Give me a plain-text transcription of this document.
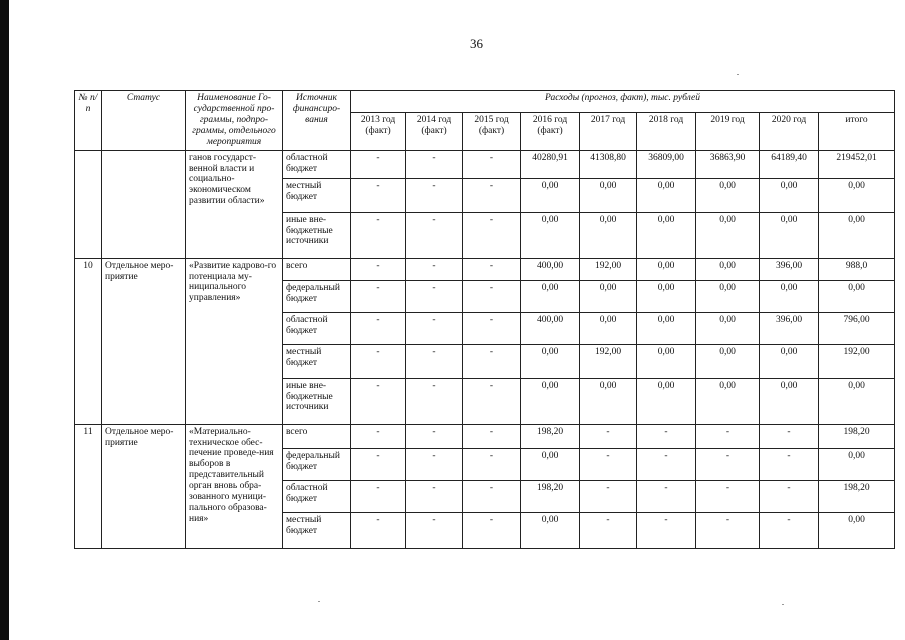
36
№ п/п	Статус	Наименование Го-сударственной про-граммы, подпро-граммы, отдельного мероприятия	Источник финансиро-вания	Расходы (прогноз, факт), тыс. рублей								
				2013 год (факт)	2014 год (факт)	2015 год (факт)	2016 год (факт)	2017 год	2018 год	2019 год	2020 год	итого
		ганов государст-венной власти и социально-экономическом развитии области»	областной бюджет	-	-	-	40280,91	41308,80	36809,00	36863,90	64189,40	219452,01
			местный бюджет	-	-	-	0,00	0,00	0,00	0,00	0,00	0,00
			иные вне-бюджетные источники	-	-	-	0,00	0,00	0,00	0,00	0,00	0,00
10	Отдельное меро-приятие	«Развитие кадрово-го потенциала му-ниципального управления»	всего	-	-	-	400,00	192,00	0,00	0,00	396,00	988,0
			федеральный бюджет	-	-	-	0,00	0,00	0,00	0,00	0,00	0,00
			областной бюджет	-	-	-	400,00	0,00	0,00	0,00	396,00	796,00
			местный бюджет	-	-	-	0,00	192,00	0,00	0,00	0,00	192,00
			иные вне-бюджетные источники	-	-	-	0,00	0,00	0,00	0,00	0,00	0,00
11	Отдельное меро-приятие	«Материально-техническое обес-печение проведе-ния выборов в представительный орган вновь обра-зованного муници-пального образова-ния»	всего	-	-	-	198,20	-	-	-	-	198,20
			федеральный бюджет	-	-	-	0,00	-	-	-	-	0,00
			областной бюджет	-	-	-	198,20	-	-	-	-	198,20
			местный бюджет	-	-	-	0,00	-	-	-	-	0,00
